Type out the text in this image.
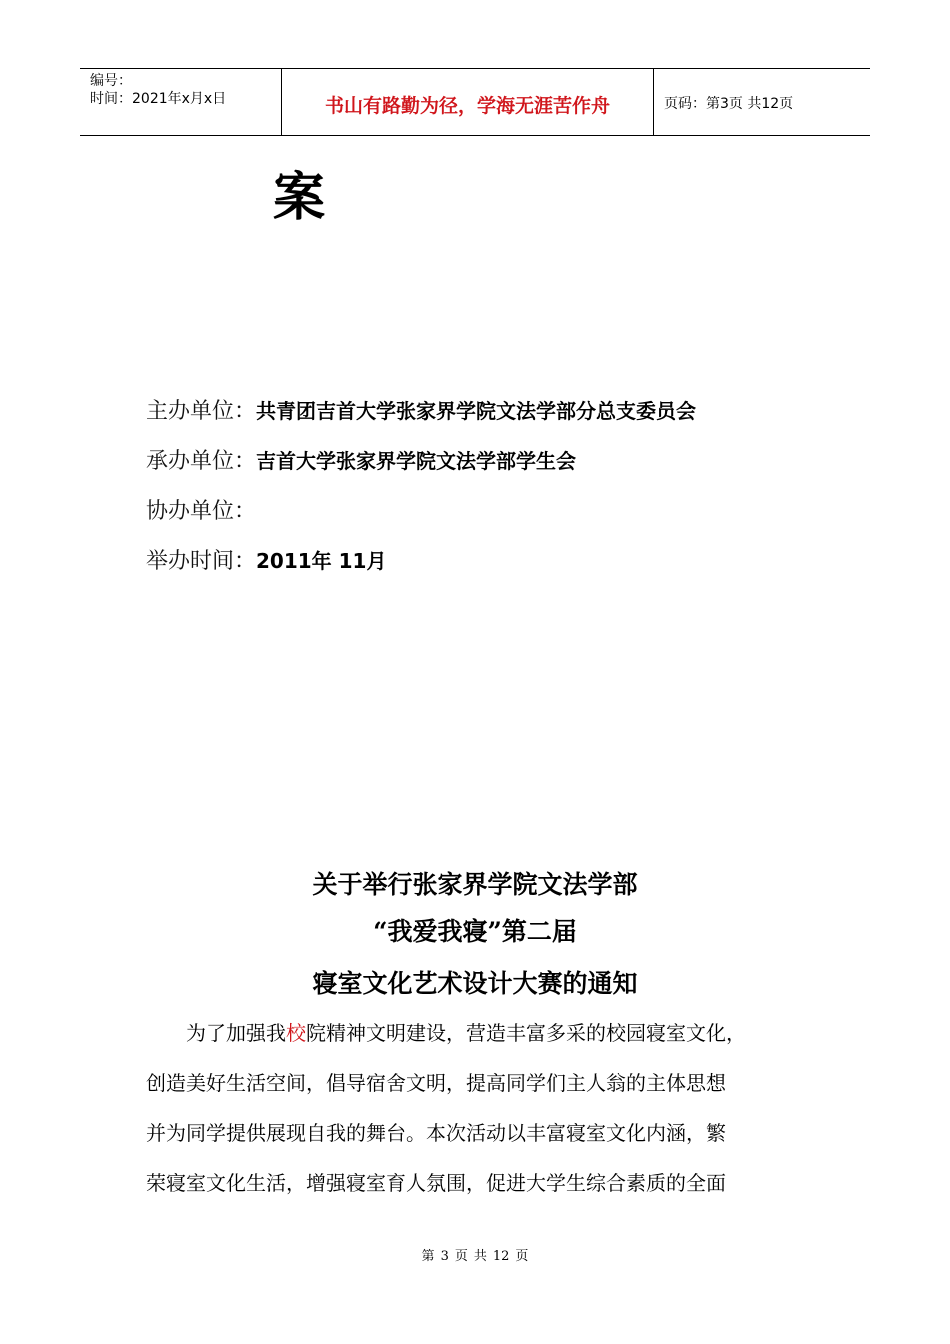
编号：
时间：2021年x月x日	书山有路勤为径，学海无涯苦作舟	页码：第3页 共12页
案
主办单位：共青团吉首大学张家界学院文法学部分总支委员会
承办单位：吉首大学张家界学院文法学部学生会
协办单位：
举办时间：2011年 11月
关于举行张家界学院文法学部
“我爱我寝”第二届
寝室文化艺术设计大赛的通知
为了加强我校院精神文明建设，营造丰富多采的校园寝室文化，
创造美好生活空间，倡导宿舍文明，提高同学们主人翁的主体思想
并为同学提供展现自我的舞台。本次活动以丰富寝室文化内涵，繁
荣寝室文化生活，增强寝室育人氛围，促进大学生综合素质的全面
第 3 页 共 12 页
